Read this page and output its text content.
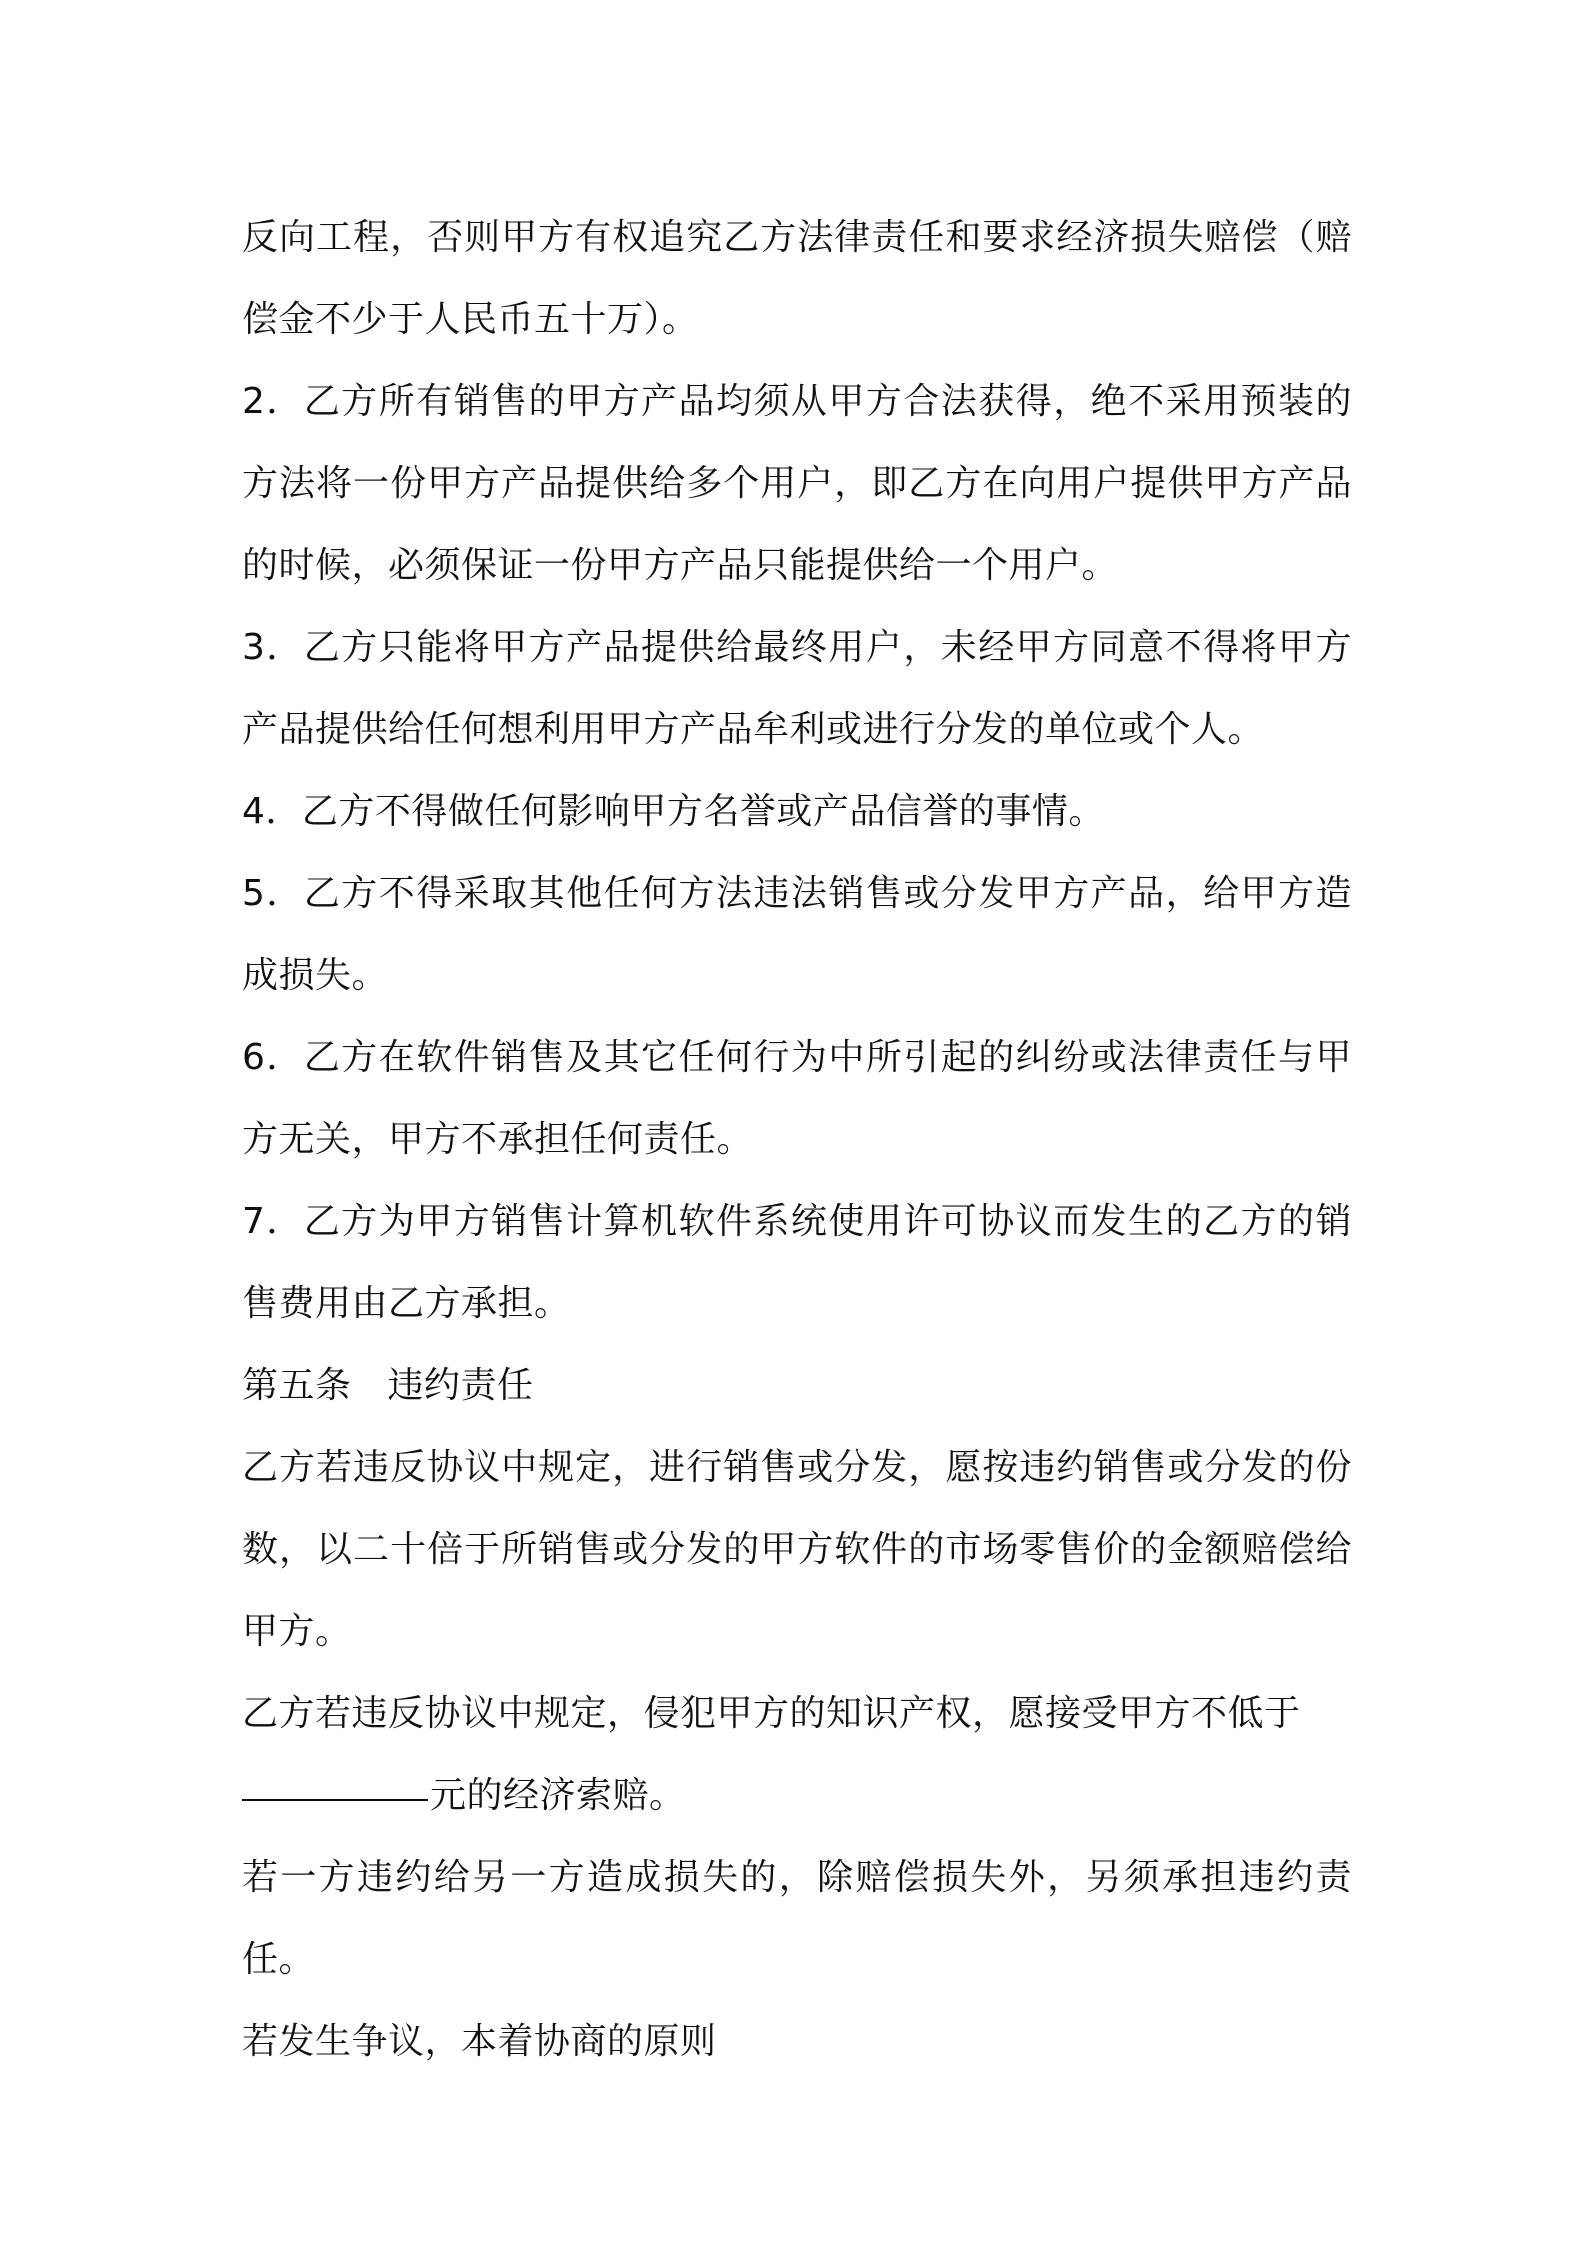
反向工程，否则甲方有权追究乙方法律责任和要求经济损失赔偿（赔偿金不少于人民币五十万）。

2．乙方所有销售的甲方产品均须从甲方合法获得，绝不采用预装的方法将一份甲方产品提供给多个用户，即乙方在向用户提供甲方产品的时候，必须保证一份甲方产品只能提供给一个用户。

3．乙方只能将甲方产品提供给最终用户，未经甲方同意不得将甲方产品提供给任何想利用甲方产品牟利或进行分发的单位或个人。

4．乙方不得做任何影响甲方名誉或产品信誉的事情。

5．乙方不得采取其他任何方法违法销售或分发甲方产品，给甲方造成损失。

6．乙方在软件销售及其它任何行为中所引起的纠纷或法律责任与甲方无关，甲方不承担任何责任。

7．乙方为甲方销售计算机软件系统使用许可协议而发生的乙方的销售费用由乙方承担。

第五条 违约责任

乙方若违反协议中规定，进行销售或分发，愿按违约销售或分发的份数，以二十倍于所销售或分发的甲方软件的市场零售价的金额赔偿给甲方。

乙方若违反协议中规定，侵犯甲方的知识产权，愿接受甲方不低于

元的经济索赔。

若一方违约给另一方造成损失的，除赔偿损失外，另须承担违约责任。

若发生争议，本着协商的原则
